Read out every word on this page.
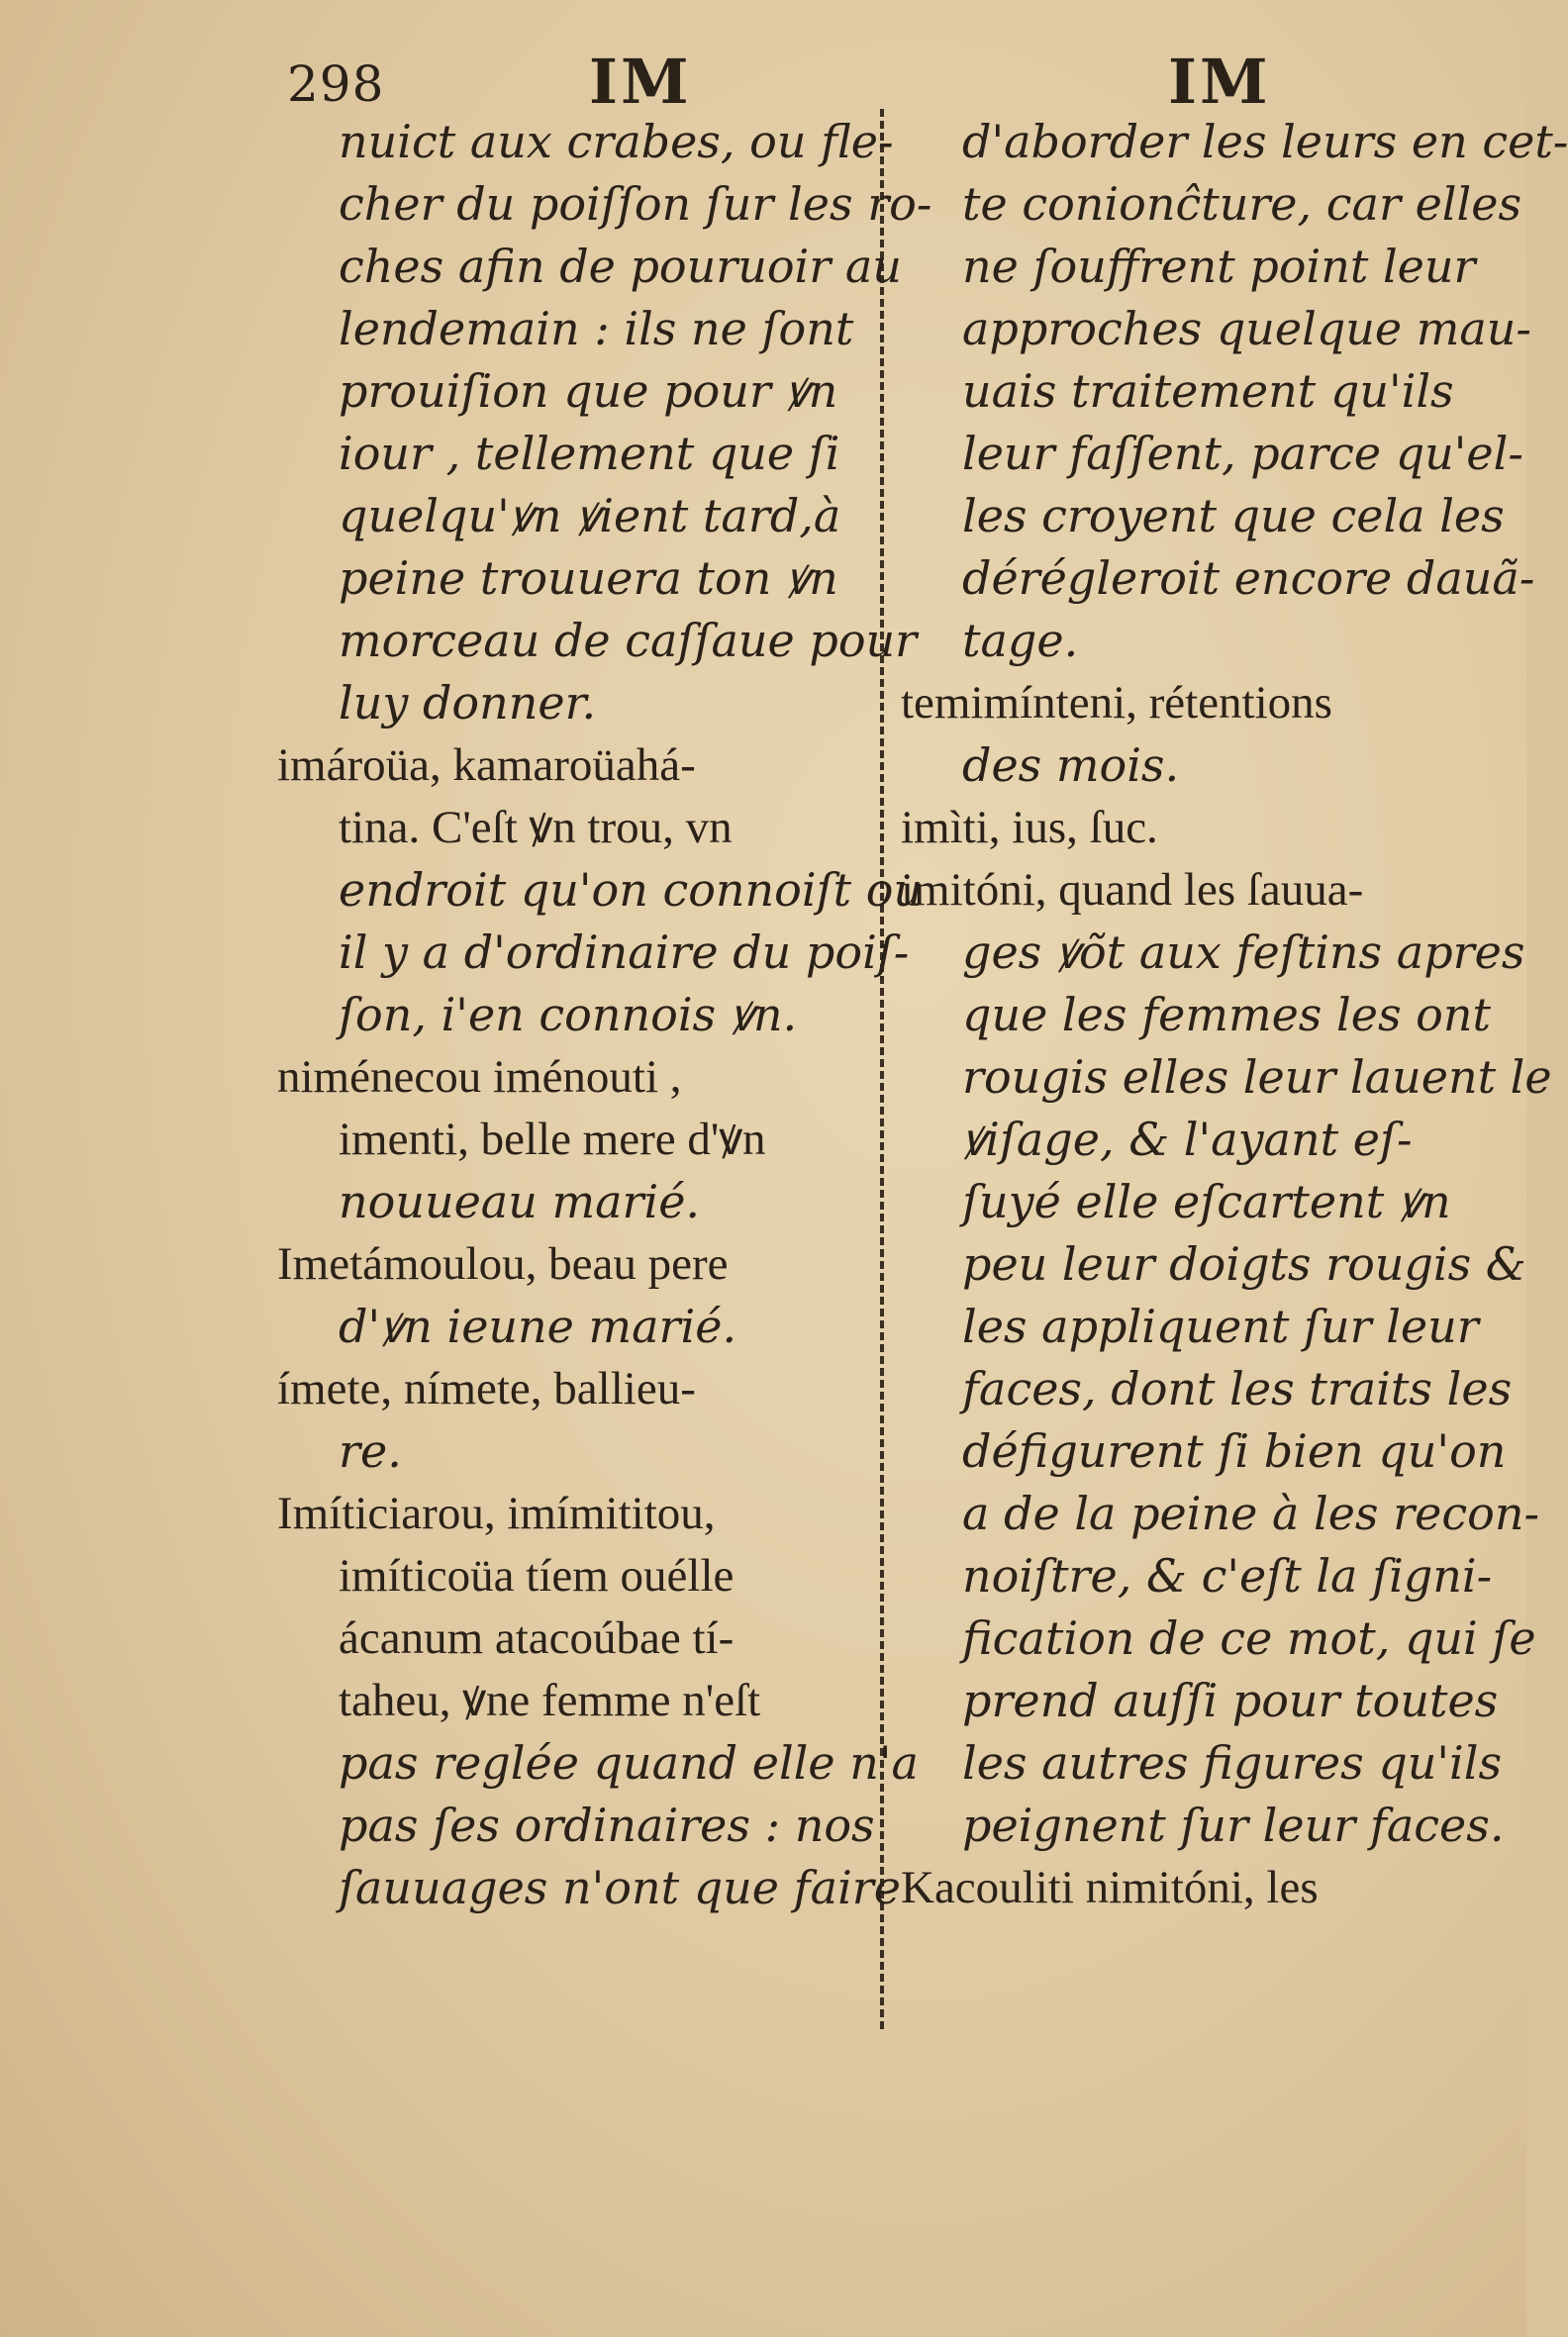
298	IM	IM
nuict aux crabes, ou fle-
cher du poiſſon ſur les ro-
ches afin de pouruoir au
lendemain : ils ne ſont
prouiſion que pour ꝟn
iour , tellement que ſi
quelqu'ꝟn ꝟient tard,à
peine trouuera ton ꝟn
morceau de caſſaue pour
luy donner.
imároüa, kamaroüahá-
tina. C'eſt ꝟn trou, vn
endroit qu'on connoiſt ou
il y a d'ordinaire du poiſ-
ſon, i'en connois ꝟn.
niménecou iménouti ,
imenti, belle mere d'ꝟn
nouueau marié.
Imetámoulou, beau pere
d'ꝟn ieune marié.
ímete, nímete, ballieu-
re.
Imíticiarou, imímititou,
imíticoüa tíem ouélle
ácanum atacoúbae tí-
taheu, ꝟne femme n'eſt
pas reglée quand elle n'a
pas ſes ordinaires : nos
ſauuages n'ont que faire
d'aborder les leurs en cet-
te conionĉture, car elles
ne ſouffrent point leur
approches quelque mau-
uais traitement qu'ils
leur faſſent, parce qu'el-
les croyent que cela les
dérégleroit encore dauã-
tage.
temimínteni, rétentions
des mois.
imìti, ius, ſuc.
imitóni, quand les ſauua-
ges ꝟõt aux feſtins apres
que les femmes les ont
rougis elles leur lauent le
ꝟiſage, & l'ayant eſ-
ſuyé elle eſcartent ꝟn
peu leur doigts rougis &
les appliquent ſur leur
faces, dont les traits les
défigurent ſi bien qu'on
a de la peine à les recon-
noiſtre, & c'eſt la ſigni-
fication de ce mot, qui ſe
prend auſſi pour toutes
les autres figures qu'ils
peignent ſur leur faces.
Kacouliti nimitóni, les
